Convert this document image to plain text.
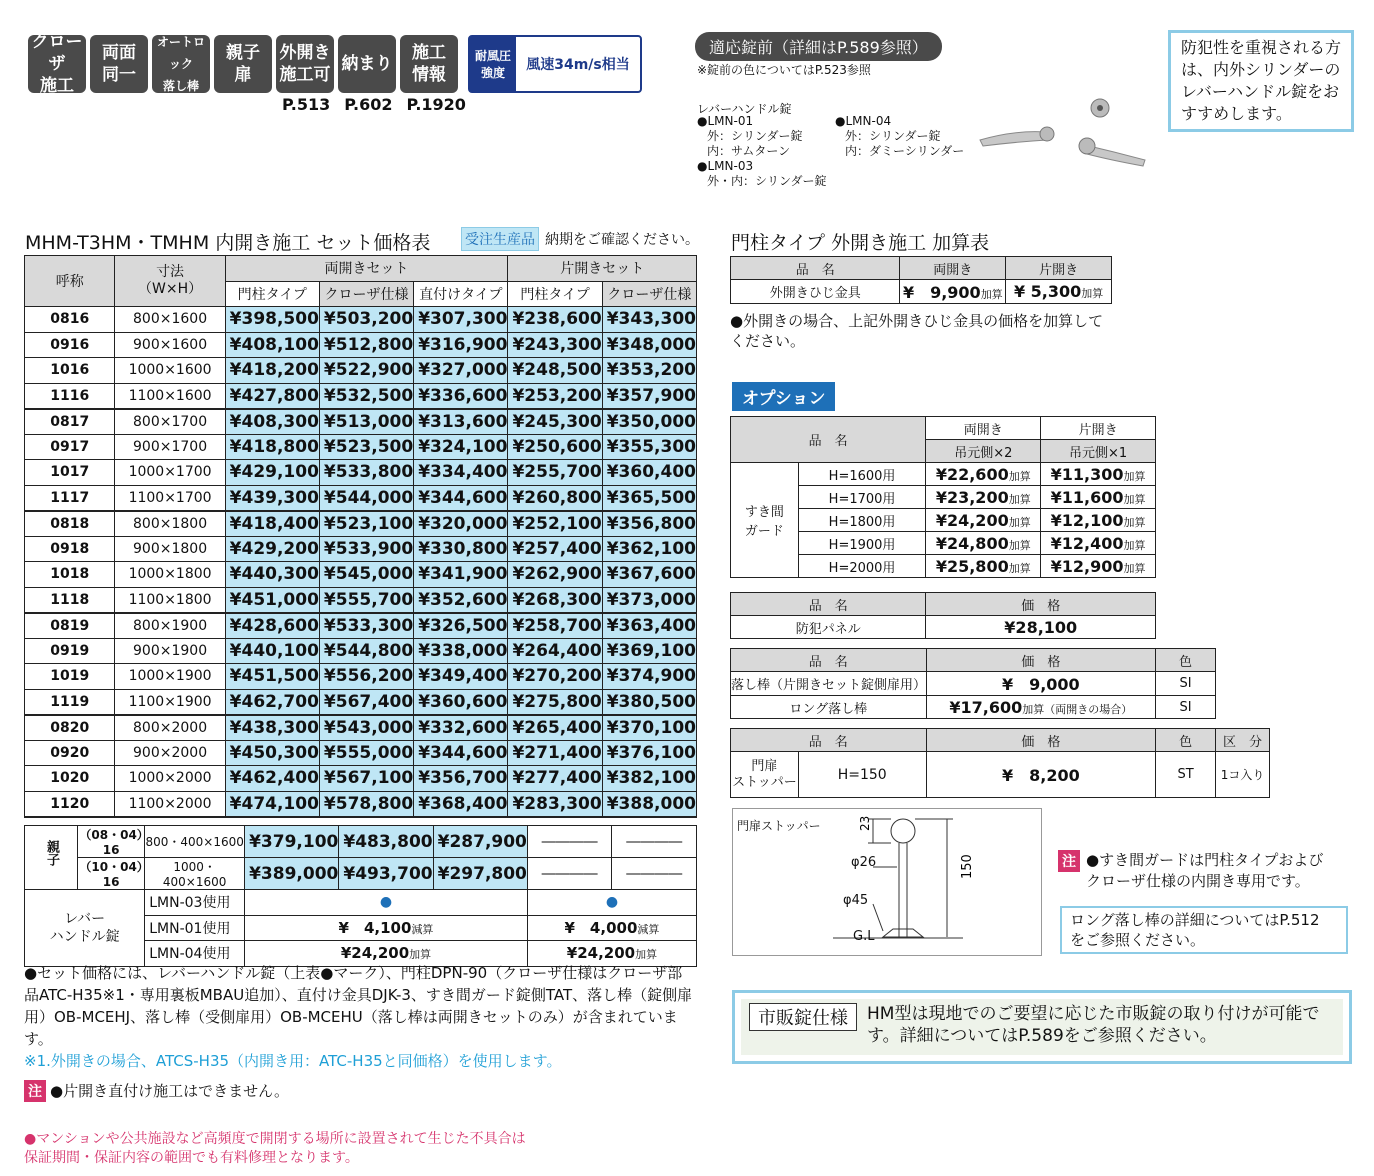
クローザ
施工
両面
同一
オートロック
落し棒
親子
扉
外開き
施工可
納まり
施工
情報
耐風圧
強度	風速34m/s相当
P.513 P.602 P.1920
適応錠前（詳細はP.589参照）
※錠前の色についてはP.523参照
レバーハンドル錠
●LMN-01
外：シリンダー錠
内：サムターン
●LMN-03
外・内：シリンダー錠
●LMN-04
外：シリンダー錠
内：ダミーシリンダー
防犯性を重視される方は、内外シリンダーのレバーハンドル錠をおすすめします。
MHM-T3HM・TMHM 内開き施工 セット価格表 受注生産品 納期をご確認ください。
呼称	寸法
（W×H）	両開きセット			片開きセット	
		門柱タイプ	クローザ仕様	直付けタイプ	門柱タイプ	クローザ仕様
0816	800×1600	¥398,500	¥503,200	¥307,300	¥238,600	¥343,300
0916	900×1600	¥408,100	¥512,800	¥316,900	¥243,300	¥348,000
1016	1000×1600	¥418,200	¥522,900	¥327,000	¥248,500	¥353,200
1116	1100×1600	¥427,800	¥532,500	¥336,600	¥253,200	¥357,900
0817	800×1700	¥408,300	¥513,000	¥313,600	¥245,300	¥350,000
0917	900×1700	¥418,800	¥523,500	¥324,100	¥250,600	¥355,300
1017	1000×1700	¥429,100	¥533,800	¥334,400	¥255,700	¥360,400
1117	1100×1700	¥439,300	¥544,000	¥344,600	¥260,800	¥365,500
0818	800×1800	¥418,400	¥523,100	¥320,000	¥252,100	¥356,800
0918	900×1800	¥429,200	¥533,900	¥330,800	¥257,400	¥362,100
1018	1000×1800	¥440,300	¥545,000	¥341,900	¥262,900	¥367,600
1118	1100×1800	¥451,000	¥555,700	¥352,600	¥268,300	¥373,000
0819	800×1900	¥428,600	¥533,300	¥326,500	¥258,700	¥363,400
0919	900×1900	¥440,100	¥544,800	¥338,000	¥264,400	¥369,100
1019	1000×1900	¥451,500	¥556,200	¥349,400	¥270,200	¥374,900
1119	1100×1900	¥462,700	¥567,400	¥360,600	¥275,800	¥380,500
0820	800×2000	¥438,300	¥543,000	¥332,600	¥265,400	¥370,100
0920	900×2000	¥450,300	¥555,000	¥344,600	¥271,400	¥376,100
1020	1000×2000	¥462,400	¥567,100	¥356,700	¥277,400	¥382,100
1120	1100×2000	¥474,100	¥578,800	¥368,400	¥283,300	¥388,000
親子	（08・04）16	800・400×1600	¥379,100	¥483,800	¥287,900	――――	――――
	（10・04）16	1000・400×1600	¥389,000	¥493,700	¥297,800	――――	――――
レバー
ハンドル錠		LMN-03使用	●			●	
		LMN-01使用	¥　4,100減算			¥　4,000減算	
		LMN-04使用	¥24,200加算			¥24,200加算	
●セット価格には、レバーハンドル錠（上表●マーク）、門柱DPN-90（クローザ仕様はクローザ部品ATC-H35※1・専用裏板MBAU追加）、直付け金具DJK-3、すき間ガード錠側TAT、落し棒（錠側扉用）OB-MCEHJ、落し棒（受側扉用）OB-MCEHU（落し棒は両開きセットのみ）が含まれています。
※1.外開きの場合、ATCS-H35（内開き用：ATC-H35と同価格）を使用します。
注 ●片開き直付け施工はできません。
●マンションや公共施設など高頻度で開閉する場所に設置されて生じた不具合は
保証期間・保証内容の範囲でも有料修理となります。
門柱タイプ 外開き施工 加算表
品　名	両開き	片開き
外開きひじ金具	¥　9,900加算	¥ 5,300加算
●外開きの場合、上記外開きひじ金具の価格を加算して
ください。
オプション
品　名		両開き	片開き
		吊元側×2	吊元側×1
すき間
ガード	H=1600用	¥22,600加算	¥11,300加算
	H=1700用	¥23,200加算	¥11,600加算
	H=1800用	¥24,200加算	¥12,100加算
	H=1900用	¥24,800加算	¥12,400加算
	H=2000用	¥25,800加算	¥12,900加算
品　名	価　格
防犯パネル	¥28,100
品　名	価　格	色
落し棒（片開きセット錠側扉用）	¥　9,000	SI
ロング落し棒	¥17,600加算（両開きの場合）	SI
品　名		価　格	色	区　分
門扉
ストッパー	H=150	¥　8,200	ST	1コ入り
門扉ストッパー	23
150
φ26
φ45
G.L
注 ●すき間ガードは門柱タイプおよび
クローザ仕様の内開き専用です。
ロング落し棒の詳細についてはP.512
をご参照ください。
市販錠仕様	HM型は現地でのご要望に応じた市販錠の取り付けが可能です。詳細についてはP.589をご参照ください。
